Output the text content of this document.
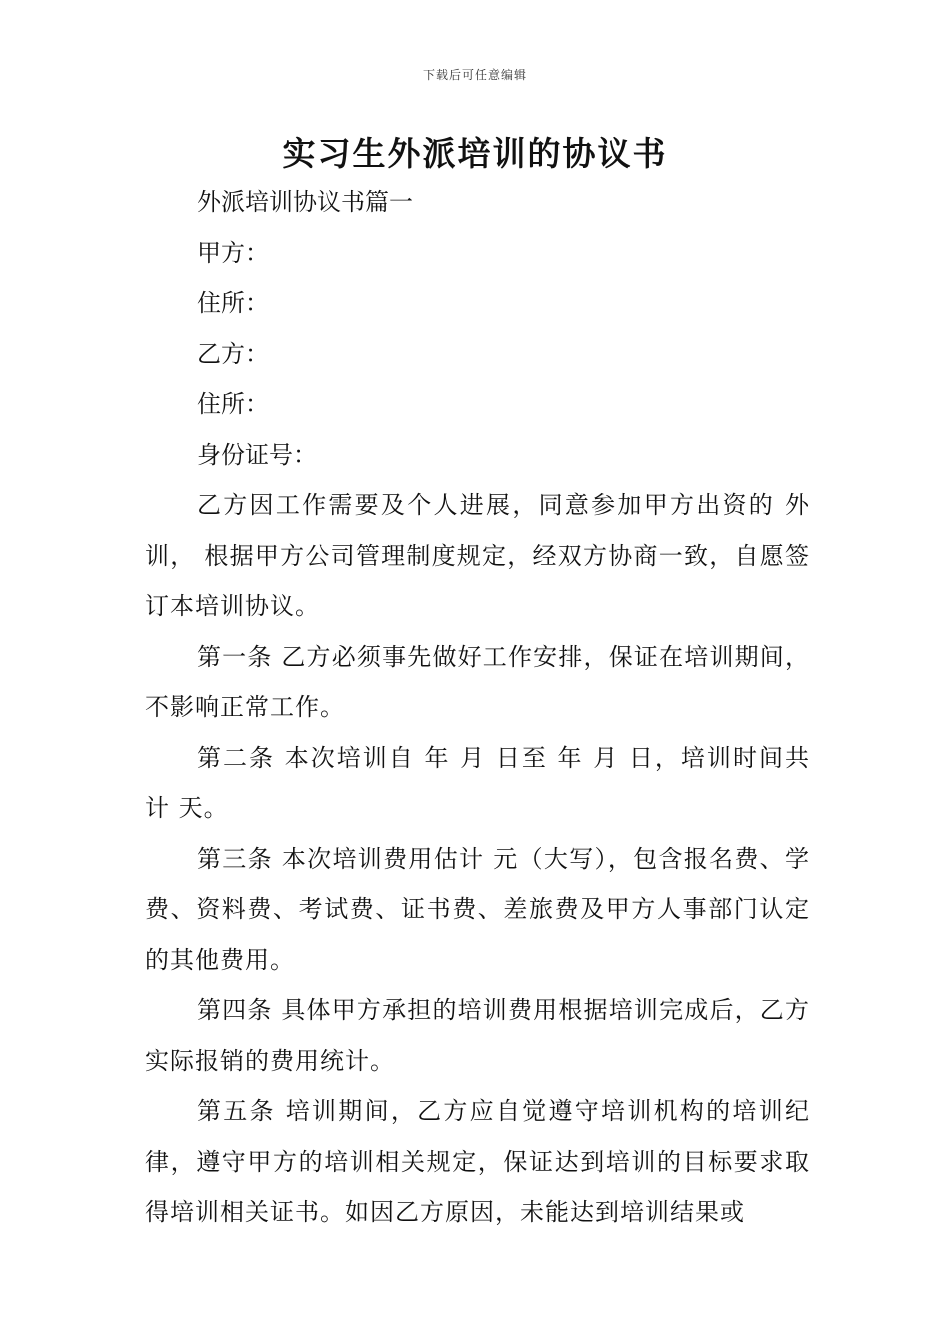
下载后可任意编辑
实习生外派培训的协议书

外派培训协议书篇一

甲方：

住所：

乙方：

住所：

身份证号：

乙方因工作需要及个人进展，同意参加甲方出资的 外训， 根据甲方公司管理制度规定，经双方协商一致，自愿签订本培训协议。

第一条 乙方必须事先做好工作安排，保证在培训期间，不影响正常工作。

第二条 本次培训自 年 月 日至 年 月 日，培训时间共 计 天。

第三条 本次培训费用估计 元（大写），包含报名费、学费、资料费、考试费、证书费、差旅费及甲方人事部门认定的其他费用。

第四条 具体甲方承担的培训费用根据培训完成后，乙方实际报销的费用统计。

第五条 培训期间，乙方应自觉遵守培训机构的培训纪律，遵守甲方的培训相关规定，保证达到培训的目标要求取得培训相关证书。如因乙方原因，未能达到培训结果或
